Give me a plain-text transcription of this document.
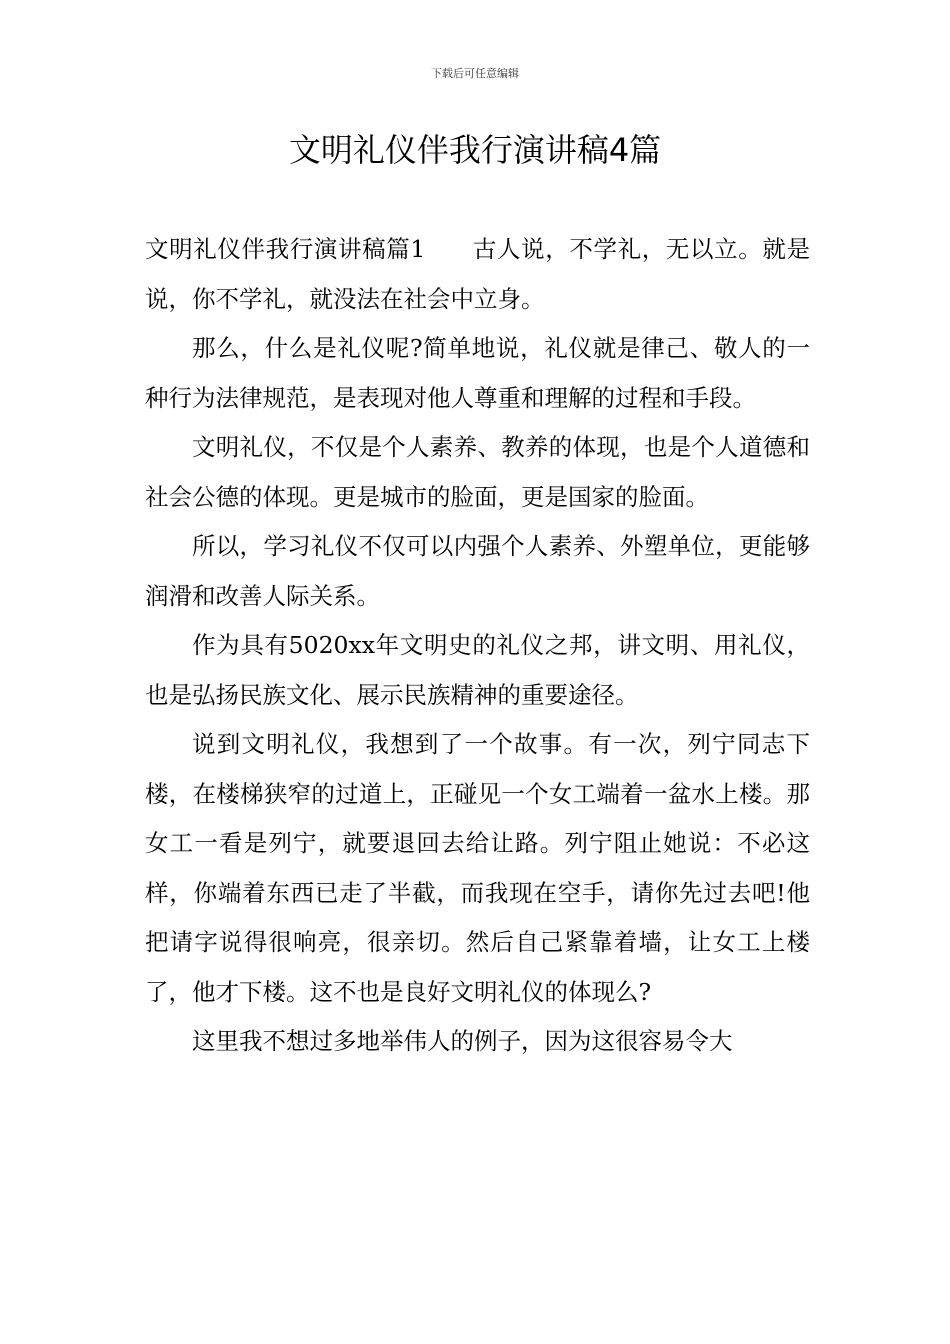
下载后可任意编辑
文明礼仪伴我行演讲稿4篇

文明礼仪伴我行演讲稿篇1 古人说，不学礼，无以立。就是说，你不学礼，就没法在社会中立身。

那么，什么是礼仪呢?简单地说，礼仪就是律己、敬人的一种行为法律规范，是表现对他人尊重和理解的过程和手段。

文明礼仪，不仅是个人素养、教养的体现，也是个人道德和社会公德的体现。更是城市的脸面，更是国家的脸面。

所以，学习礼仪不仅可以内强个人素养、外塑单位，更能够润滑和改善人际关系。

作为具有5020xx年文明史的礼仪之邦，讲文明、用礼仪，也是弘扬民族文化、展示民族精神的重要途径。

说到文明礼仪，我想到了一个故事。有一次，列宁同志下楼，在楼梯狭窄的过道上，正碰见一个女工端着一盆水上楼。那女工一看是列宁，就要退回去给让路。列宁阻止她说：不必这样，你端着东西已走了半截，而我现在空手，请你先过去吧!他把请字说得很响亮，很亲切。然后自己紧靠着墙，让女工上楼了，他才下楼。这不也是良好文明礼仪的体现么?

这里我不想过多地举伟人的例子，因为这很容易令大
